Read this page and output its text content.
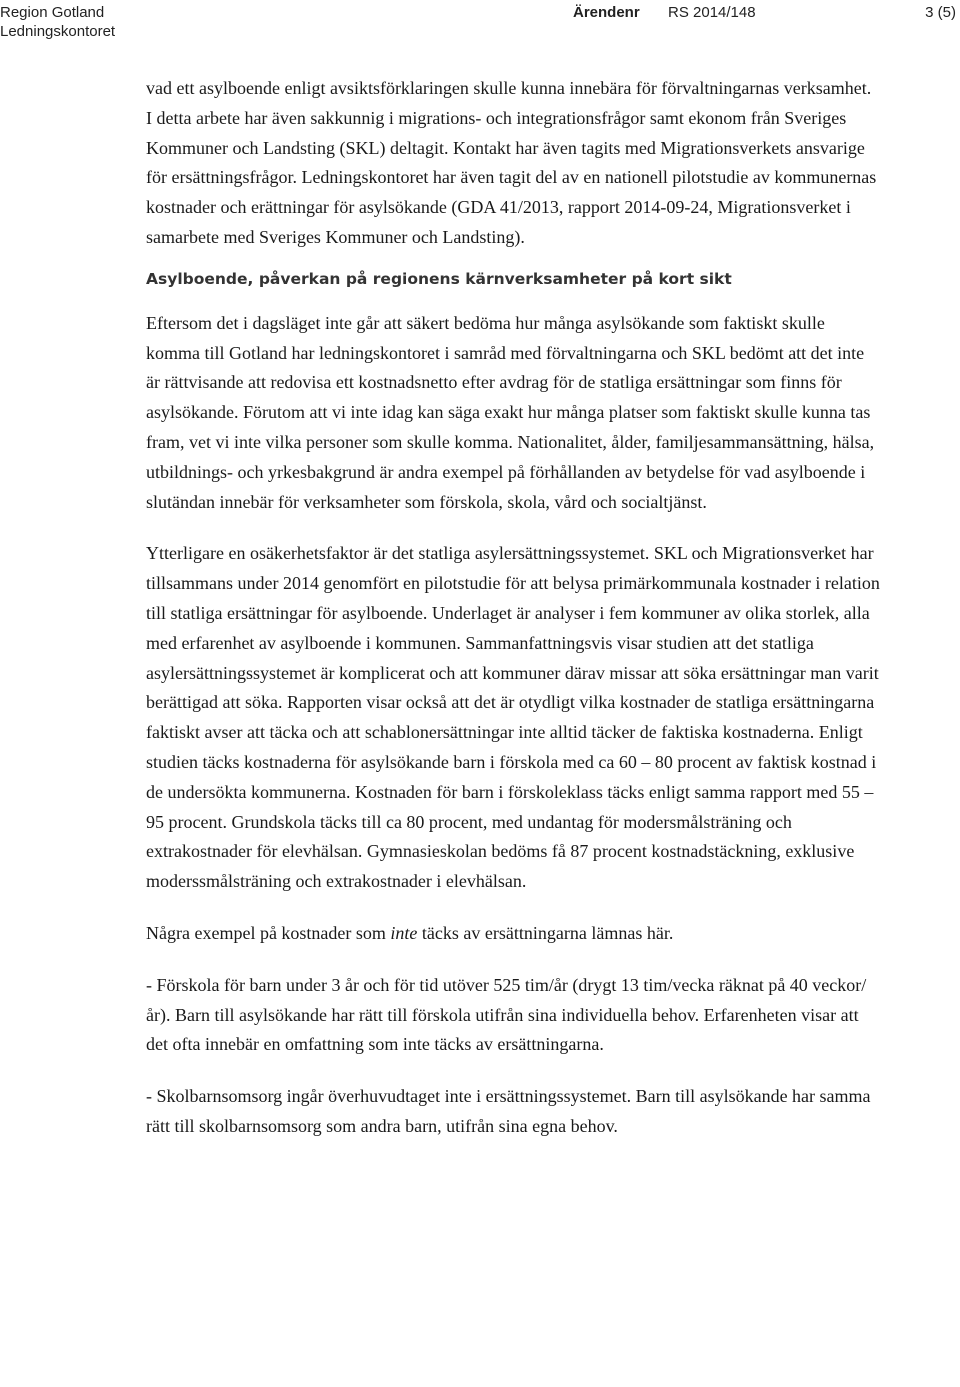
Region Gotland
Ledningskontoret
Ärendenr RS 2014/148	3 (5)

vad ett asylboende enligt avsiktsförklaringen skulle kunna innebära för förvaltningarnas verksamhet. I detta arbete har även sakkunnig i migrations- och integrationsfrågor samt ekonom från Sveriges Kommuner och Landsting (SKL) deltagit. Kontakt har även tagits med Migrationsverkets ansvarige för ersättningsfrågor. Ledningskontoret har även tagit del av en nationell pilotstudie av kommunernas kostnader och erättningar för asylsökande (GDA 41/2013, rapport 2014-09-24, Migrationsverket i samarbete med Sveriges Kommuner och Landsting).

Asylboende, påverkan på regionens kärnverksamheter på kort sikt

Eftersom det i dagsläget inte går att säkert bedöma hur många asylsökande som faktiskt skulle komma till Gotland har ledningskontoret i samråd med förvaltningarna och SKL bedömt att det inte är rättvisande att redovisa ett kostnadsnetto efter avdrag för de statliga ersättningar som finns för asylsökande. Förutom att vi inte idag kan säga exakt hur många platser som faktiskt skulle kunna tas fram, vet vi inte vilka personer som skulle komma. Nationalitet, ålder, familjesammansättning, hälsa, utbildnings- och yrkesbakgrund är andra exempel på förhållanden av betydelse för vad asylboende i slutändan innebär för verksamheter som förskola, skola, vård och socialtjänst.

Ytterligare en osäkerhetsfaktor är det statliga asylersättningssystemet. SKL och Migrationsverket har tillsammans under 2014 genomfört en pilotstudie för att belysa primärkommunala kostnader i relation till statliga ersättningar för asylboende. Underlaget är analyser i fem kommuner av olika storlek, alla med erfarenhet av asylboende i kommunen. Sammanfattningsvis visar studien att det statliga asylersättningssystemet är komplicerat och att kommuner därav missar att söka ersättningar man varit berättigad att söka. Rapporten visar också att det är otydligt vilka kostnader de statliga ersättningarna faktiskt avser att täcka och att schablonersättningar inte alltid täcker de faktiska kostnaderna. Enligt studien täcks kostnaderna för asylsökande barn i förskola med ca 60 – 80 procent av faktisk kostnad i de undersökta kommunerna. Kostnaden för barn i förskoleklass täcks enligt samma rapport med 55 – 95 procent. Grundskola täcks till ca 80 procent, med undantag för modersmålsträning och extrakostnader för elevhälsan. Gymnasieskolan bedöms få 87 procent kostnadstäckning, exklusive moderssmålsträning och extrakostnader i elevhälsan.

Några exempel på kostnader som inte täcks av ersättningarna lämnas här.

- Förskola för barn under 3 år och för tid utöver 525 tim/år (drygt 13 tim/vecka räknat på 40 veckor/år). Barn till asylsökande har rätt till förskola utifrån sina individuella behov. Erfarenheten visar att det ofta innebär en omfattning som inte täcks av ersättningarna.

- Skolbarnsomsorg ingår överhuvudtaget inte i ersättningssystemet. Barn till asylsökande har samma rätt till skolbarnsomsorg som andra barn, utifrån sina egna behov.
